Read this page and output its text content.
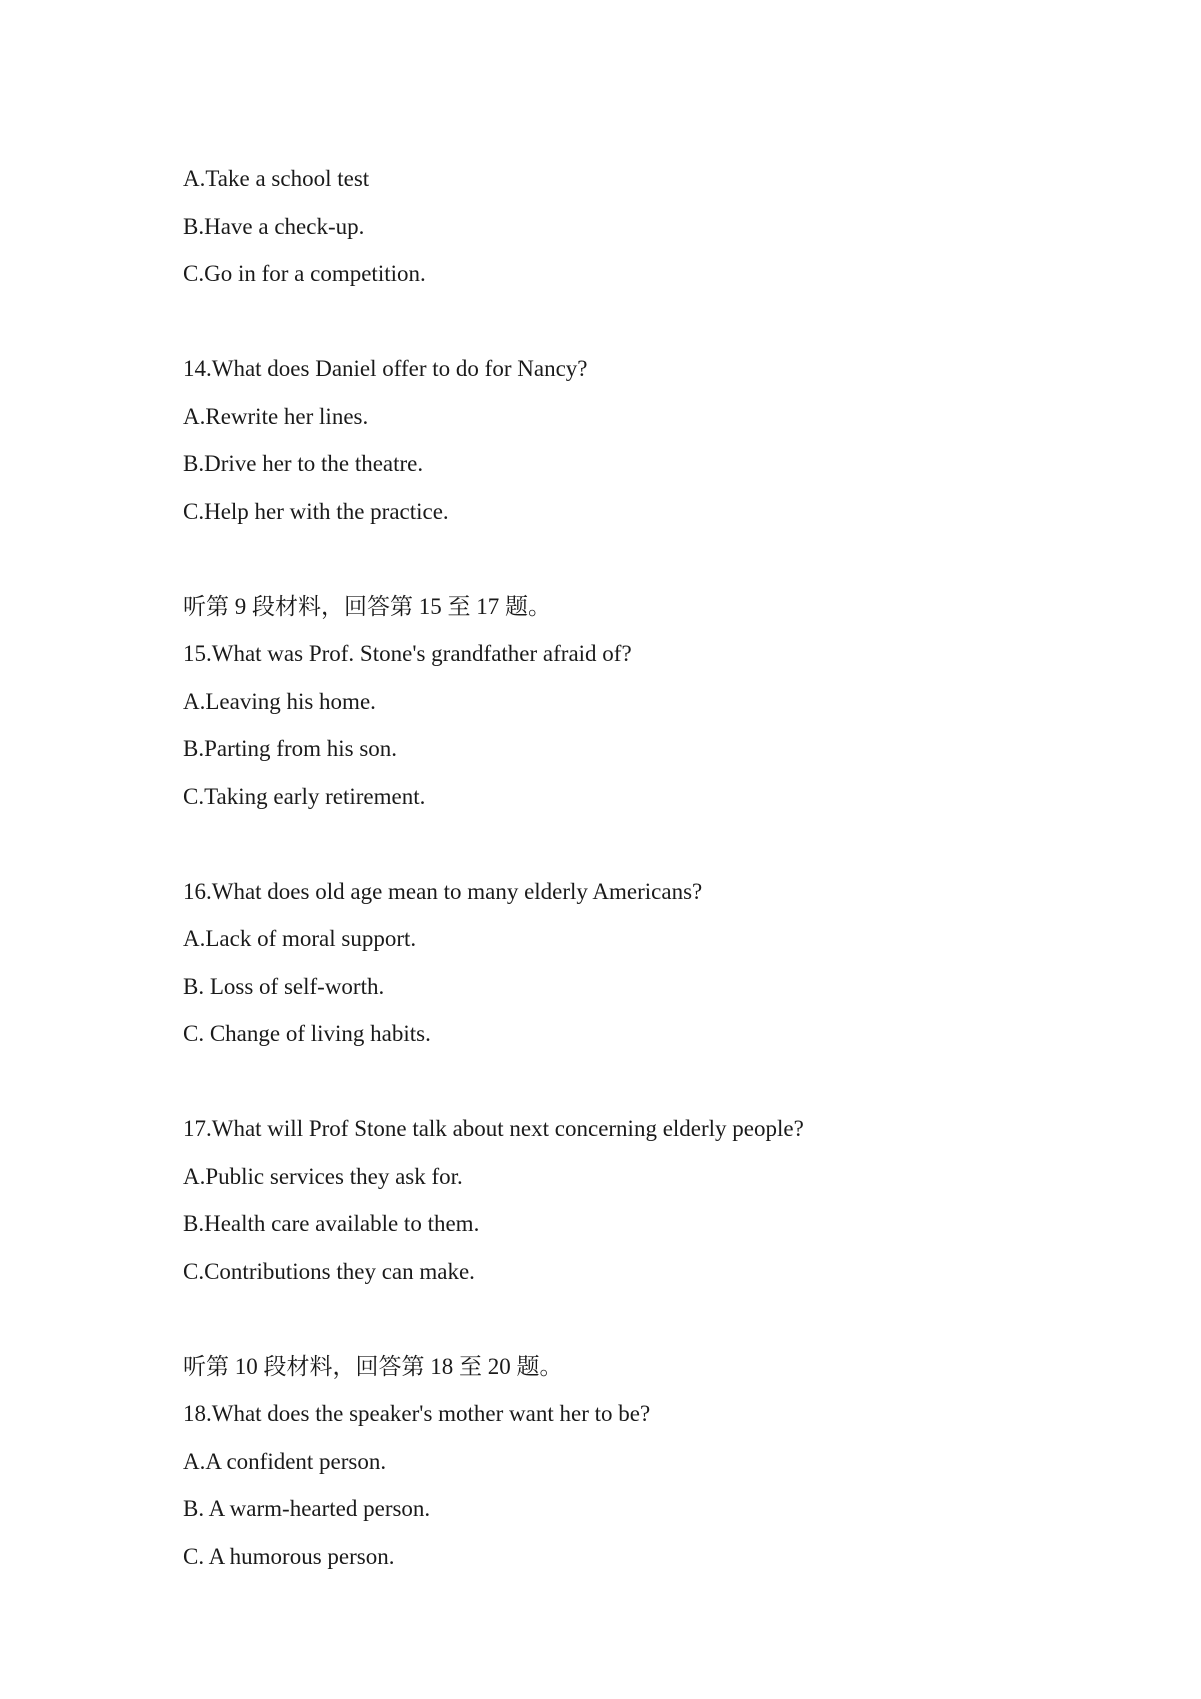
A.Take a school test
B.Have a check-up.
C.Go in for a competition.
14.What does Daniel offer to do for Nancy?
A.Rewrite her lines.
B.Drive her to the theatre.
C.Help her with the practice.
听第 9 段材料，回答第 15 至 17 题。
15.What was Prof. Stone's grandfather afraid of?
A.Leaving his home.
B.Parting from his son.
C.Taking early retirement.
16.What does old age mean to many elderly Americans?
A.Lack of moral support.
B. Loss of self-worth.
C. Change of living habits.
17.What will Prof Stone talk about next concerning elderly people?
A.Public services they ask for.
B.Health care available to them.
C.Contributions they can make.
听第 10 段材料，回答第 18 至 20 题。
18.What does the speaker's mother want her to be?
A.A confident person.
B. A warm-hearted person.
C. A humorous person.
